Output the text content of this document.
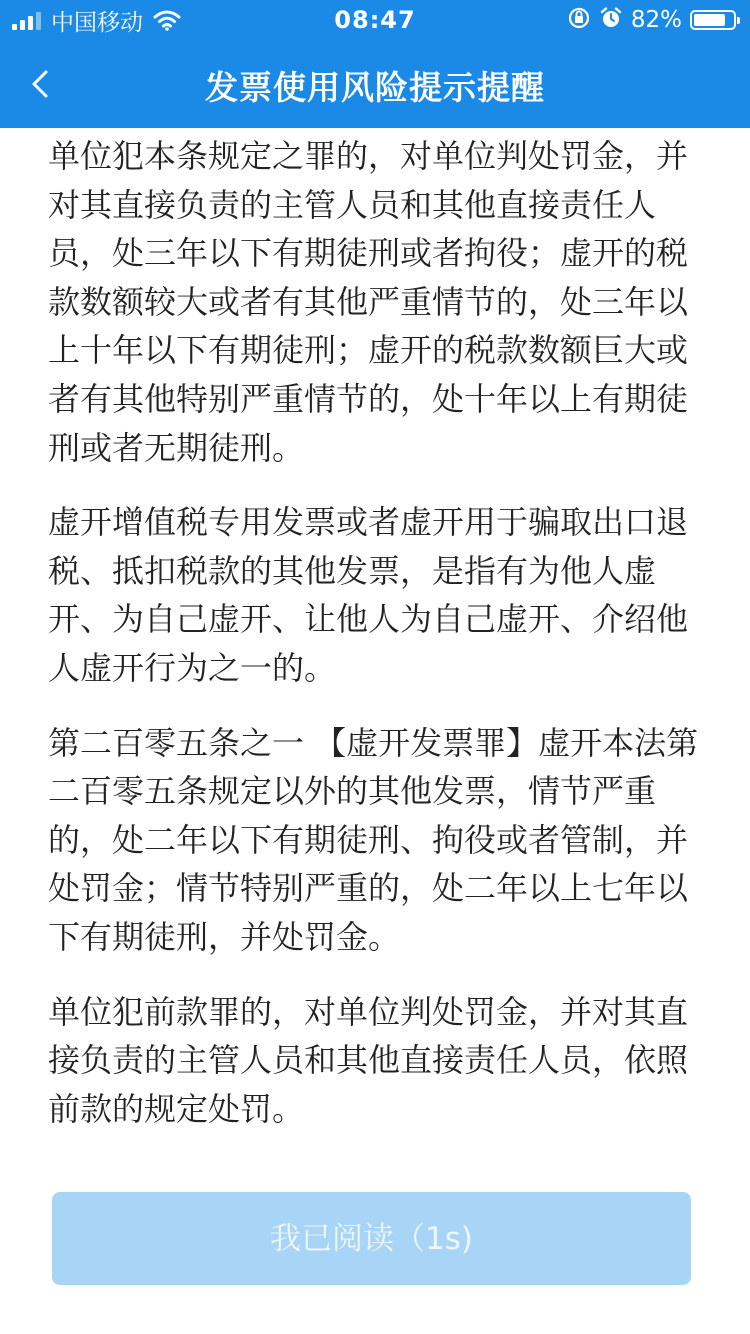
中国移动	08:47	82%
发票使用风险提示提醒

单位犯本条规定之罪的，对单位判处罚金，并对其直接负责的主管人员和其他直接责任人员，处三年以下有期徒刑或者拘役；虚开的税款数额较大或者有其他严重情节的，处三年以上十年以下有期徒刑；虚开的税款数额巨大或者有其他特别严重情节的，处十年以上有期徒刑或者无期徒刑。

虚开增值税专用发票或者虚开用于骗取出口退税、抵扣税款的其他发票，是指有为他人虚开、为自己虚开、让他人为自己虚开、介绍他人虚开行为之一的。

第二百零五条之一 【虚开发票罪】虚开本法第二百零五条规定以外的其他发票，情节严重的，处二年以下有期徒刑、拘役或者管制，并处罚金；情节特别严重的，处二年以上七年以下有期徒刑，并处罚金。

单位犯前款罪的，对单位判处罚金，并对其直接负责的主管人员和其他直接责任人员，依照前款的规定处罚。

我已阅读（1s)
